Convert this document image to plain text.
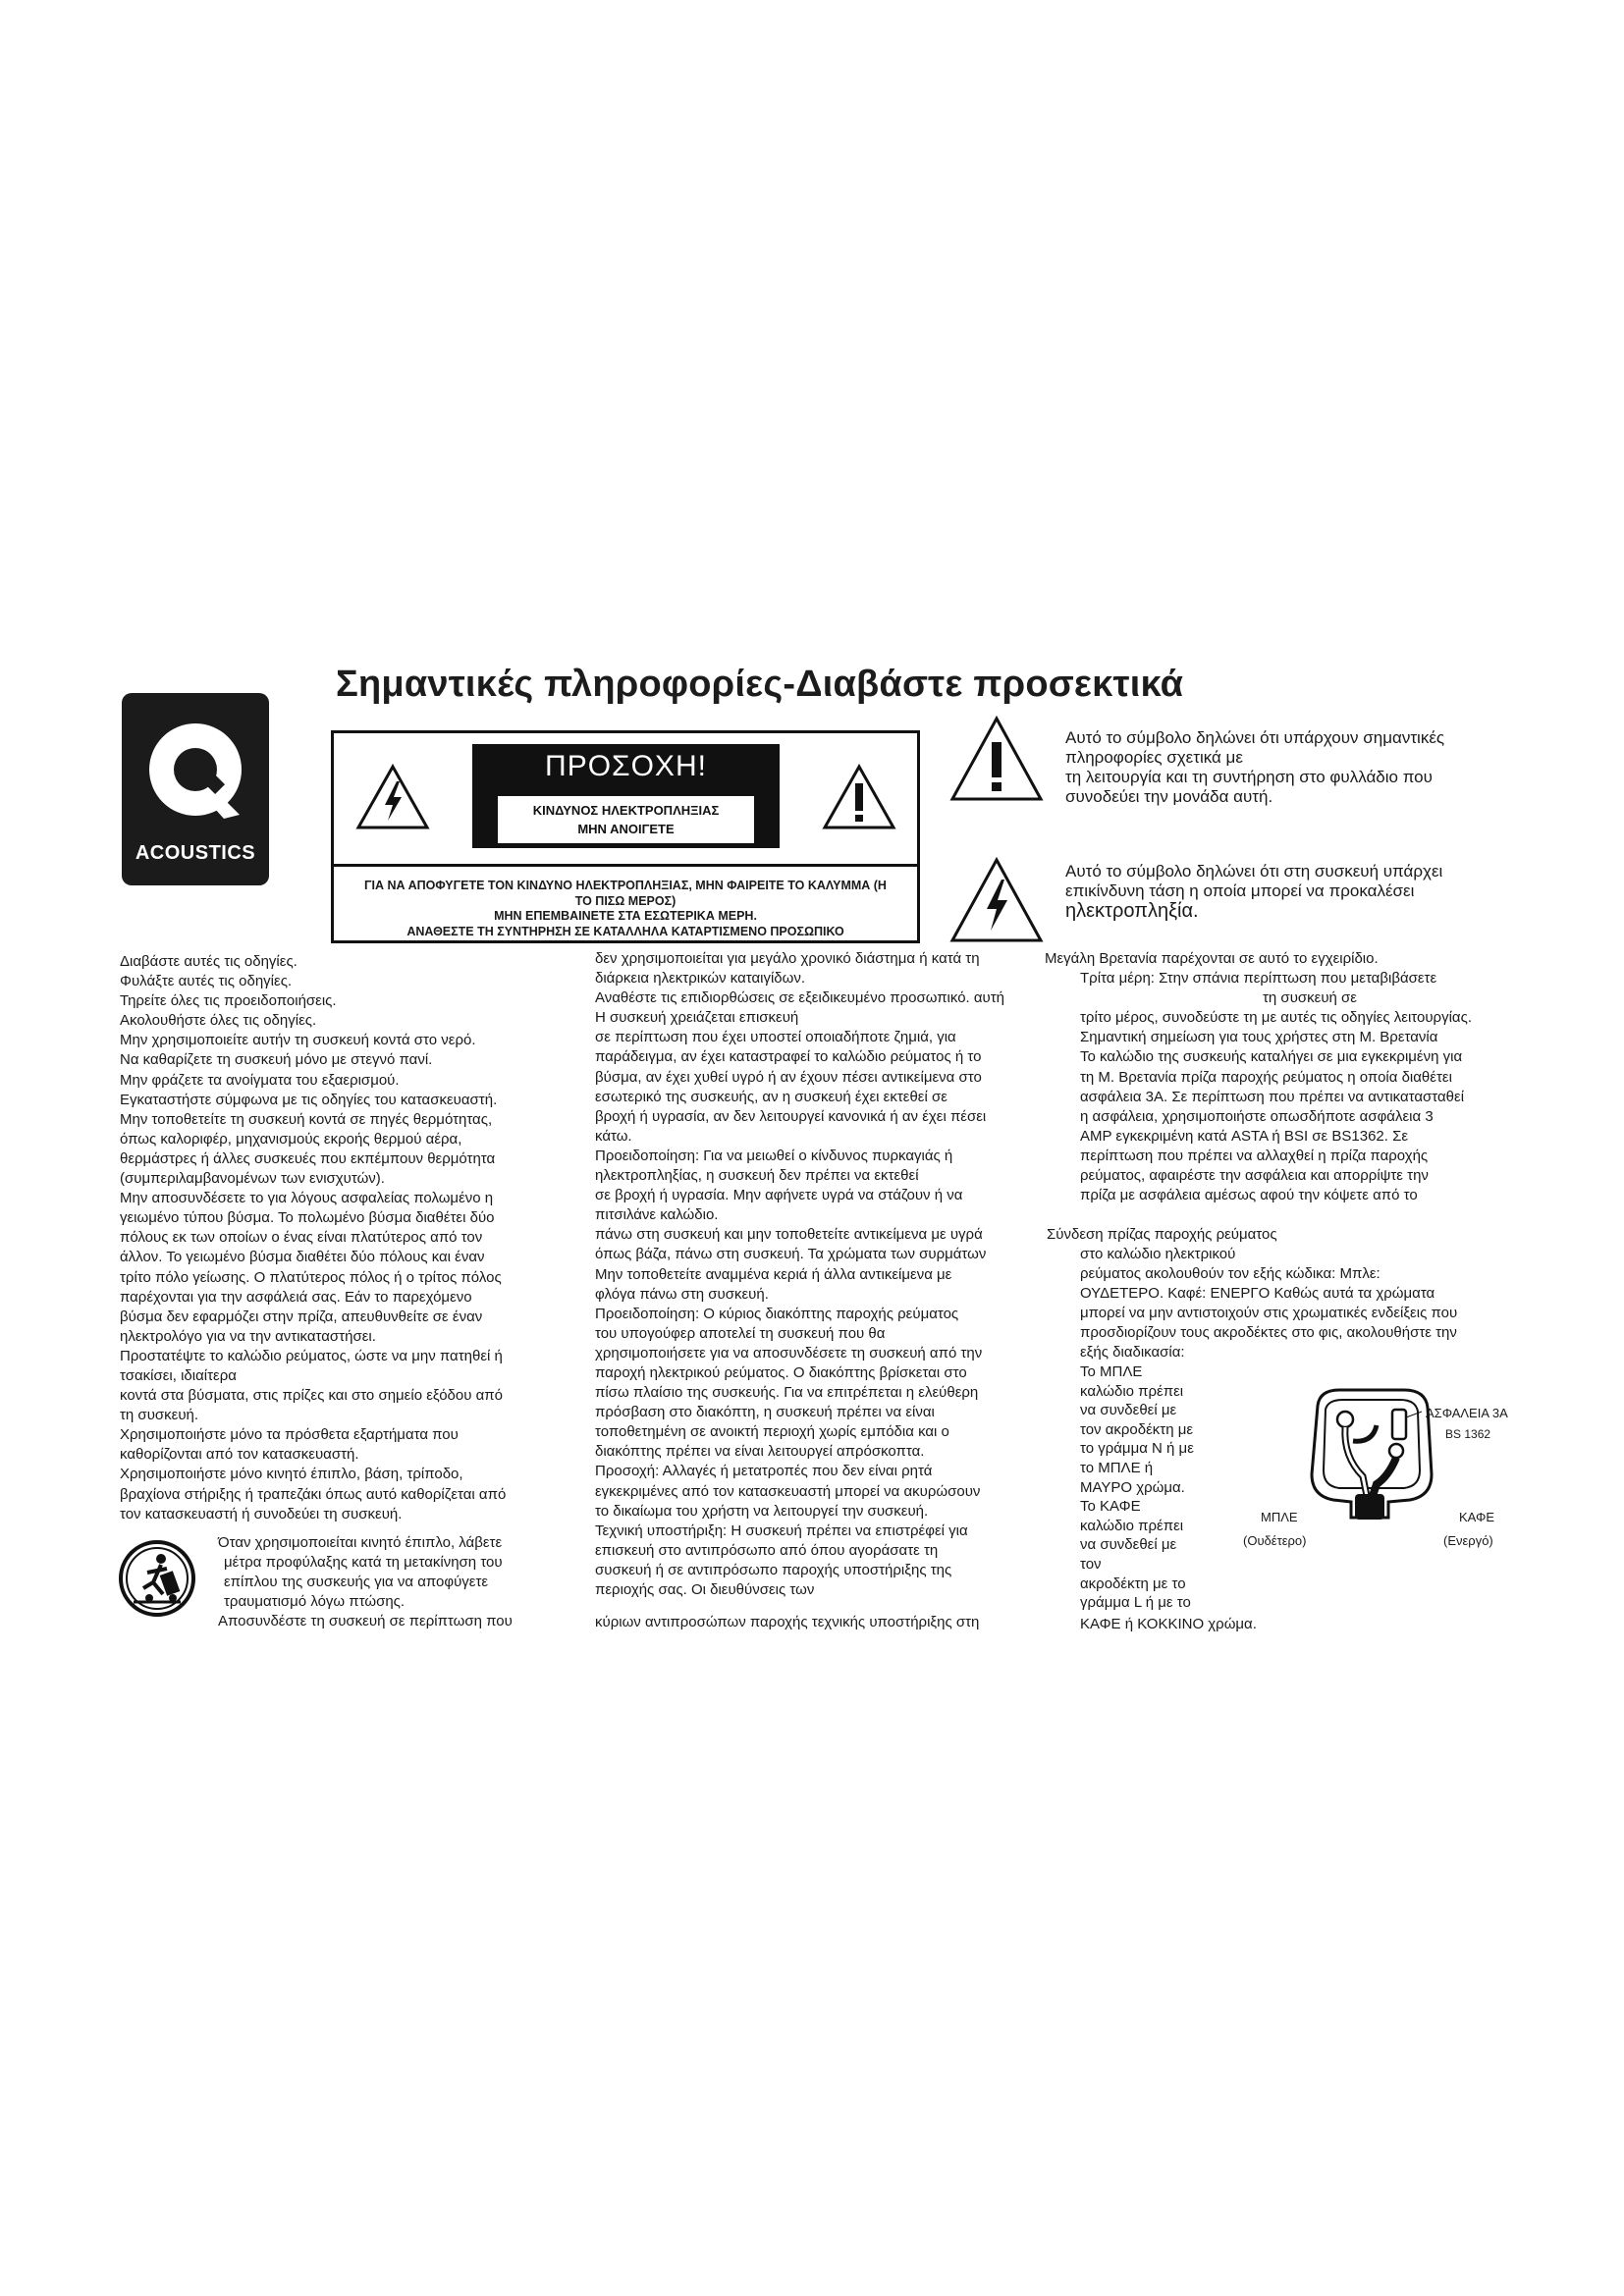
Σημαντικές πληροφορίες-Διαβάστε προσεκτικά
ACOUSTICS
ΠΡΟΣΟΧΗ!
ΚΙΝΔΥΝΟΣ ΗΛΕΚΤΡΟΠΛΗΞΙΑΣ
ΜΗΝ ΑΝΟΙΓΕΤΕ
ΓΙΑ ΝΑ ΑΠΟΦΥΓΕΤΕ ΤΟΝ ΚΙΝΔΥΝΟ ΗΛΕΚΤΡΟΠΛΗΞΙΑΣ, ΜΗΝ ΦΑΙΡΕΙΤΕ ΤΟ ΚΑΛΥΜΜΑ (Η
ΤΟ ΠΙΣΩ ΜΕΡΟΣ)
ΜΗΝ ΕΠΕΜΒΑΙΝΕΤΕ ΣΤΑ ΕΣΩΤΕΡΙΚΑ ΜΕΡΗ.
ΑΝΑΘΕΣΤΕ ΤΗ ΣΥΝΤΗΡΗΣΗ ΣΕ ΚΑΤΑΛΛΗΛΑ ΚΑΤΑΡΤΙΣΜΕΝΟ ΠΡΟΣΩΠΙΚΟ
Αυτό το σύμβολο δηλώνει ότι υπάρχουν σημαντικές
πληροφορίες σχετικά με
τη λειτουργία και τη συντήρηση στο φυλλάδιο που
συνοδεύει την μονάδα αυτή.
Αυτό το σύμβολο δηλώνει ότι στη συσκευή υπάρχει
επικίνδυνη τάση η οποία μπορεί να προκαλέσει
ηλεκτροπληξία.
Διαβάστε αυτές τις οδηγίες.
Φυλάξτε αυτές τις οδηγίες.
Τηρείτε όλες τις προειδοποιήσεις.
Ακολουθήστε όλες τις οδηγίες.
Μην χρησιμοποιείτε αυτήν τη συσκευή κοντά στο νερό.
Να καθαρίζετε τη συσκευή μόνο με στεγνό πανί.
Μην φράζετε τα ανοίγματα του εξαερισμού.
Εγκαταστήστε σύμφωνα με τις οδηγίες του κατασκευαστή.
Μην τοποθετείτε τη συσκευή κοντά σε πηγές θερμότητας,
όπως καλοριφέρ, μηχανισμούς εκροής θερμού αέρα,
θερμάστρες ή άλλες συσκευές που εκπέμπουν θερμότητα
(συμπεριλαμβανομένων των ενισχυτών).
Μην αποσυνδέσετε το για λόγους ασφαλείας πολωμένο η
γειωμένο τύπου βύσμα. Το πολωμένο βύσμα διαθέτει δύο
πόλους εκ των οποίων ο ένας είναι πλατύτερος από τον
άλλον. Το γειωμένο βύσμα διαθέτει δύο πόλους και έναν
τρίτο πόλο γείωσης. Ο πλατύτερος πόλος ή ο τρίτος πόλος
παρέχονται για την ασφάλειά σας. Εάν το παρεχόμενο
βύσμα δεν εφαρμόζει στην πρίζα, απευθυνθείτε σε έναν
ηλεκτρολόγο για να την αντικαταστήσει.
Προστατέψτε το καλώδιο ρεύματος, ώστε να μην πατηθεί ή
τσακίσει, ιδιαίτερα
κοντά στα βύσματα, στις πρίζες και στο σημείο εξόδου από
τη συσκευή.
Χρησιμοποιήστε μόνο τα πρόσθετα εξαρτήματα που
καθορίζονται από τον κατασκευαστή.
Χρησιμοποιήστε μόνο κινητό έπιπλο, βάση, τρίποδο,
βραχίονα στήριξης ή τραπεζάκι όπως αυτό καθορίζεται από
τον κατασκευαστή ή συνοδεύει τη συσκευή.
Όταν χρησιμοποιείται κινητό έπιπλο, λάβετε
μέτρα προφύλαξης κατά τη μετακίνηση του
επίπλου της συσκευής για να αποφύγετε
τραυματισμό λόγω πτώσης.
Αποσυνδέστε τη συσκευή σε περίπτωση που
δεν χρησιμοποιείται για μεγάλο χρονικό διάστημα ή κατά τη
διάρκεια ηλεκτρικών καταιγίδων.
Αναθέστε τις επιδιορθώσεις σε εξειδικευμένο προσωπικό. αυτή
Η συσκευή χρειάζεται επισκευή
σε περίπτωση που έχει υποστεί οποιαδήποτε ζημιά, για
παράδειγμα, αν έχει καταστραφεί το καλώδιο ρεύματος ή το
βύσμα, αν έχει χυθεί υγρό ή αν έχουν πέσει αντικείμενα στο
εσωτερικό της συσκευής, αν η συσκευή έχει εκτεθεί σε
βροχή ή υγρασία, αν δεν λειτουργεί κανονικά ή αν έχει πέσει
κάτω.
Προειδοποίηση: Για να μειωθεί ο κίνδυνος πυρκαγιάς ή
ηλεκτροπληξίας, η συσκευή δεν πρέπει να εκτεθεί
σε βροχή ή υγρασία. Μην αφήνετε υγρά να στάζουν ή να
πιτσιλάνε καλώδιο.
πάνω στη συσκευή και μην τοποθετείτε αντικείμενα με υγρά
όπως βάζα, πάνω στη συσκευή. Τα χρώματα των συρμάτων
Μην τοποθετείτε αναμμένα κεριά ή άλλα αντικείμενα με
φλόγα πάνω στη συσκευή.
Προειδοποίηση: Ο κύριος διακόπτης παροχής ρεύματος
του υπογούφερ αποτελεί τη συσκευή που θα
χρησιμοποιήσετε για να αποσυνδέσετε τη συσκευή από την
παροχή ηλεκτρικού ρεύματος. Ο διακόπτης βρίσκεται στο
πίσω πλαίσιο της συσκευής. Για να επιτρέπεται η ελεύθερη
πρόσβαση στο διακόπτη, η συσκευή πρέπει να είναι
τοποθετημένη σε ανοικτή περιοχή χωρίς εμπόδια και ο
διακόπτης πρέπει να είναι λειτουργεί απρόσκοπτα.
Προσοχή: Αλλαγές ή μετατροπές που δεν είναι ρητά
εγκεκριμένες από τον κατασκευαστή μπορεί να ακυρώσουν
το δικαίωμα του χρήστη να λειτουργεί την συσκευή.
Τεχνική υποστήριξη: Η συσκευή πρέπει να επιστρέφεί για
επισκευή στο αντιπρόσωπο από όπου αγοράσατε τη
συσκευή ή σε αντιπρόσωπο παροχής υποστήριξης της
περιοχής σας. Οι διευθύνσεις των
κύριων αντιπροσώπων παροχής τεχνικής υποστήριξης στη
Μεγάλη Βρετανία παρέχονται σε αυτό το εγχειρίδιο.
Τρίτα μέρη: Στην σπάνια περίπτωση που μεταβιβάσετε
τη συσκευή σε
τρίτο μέρος, συνοδεύστε τη με αυτές τις οδηγίες λειτουργίας.
Σημαντική σημείωση για τους χρήστες στη Μ. Βρετανία
Το καλώδιο της συσκευής καταλήγει σε μια εγκεκριμένη για
τη Μ. Βρετανία πρίζα παροχής ρεύματος η οποία διαθέτει
ασφάλεια 3Α. Σε περίπτωση που πρέπει να αντικατασταθεί
η ασφάλεια, χρησιμοποιήστε οπωσδήποτε ασφάλεια 3
AMP εγκεκριμένη κατά ASTA ή BSI σε BS1362. Σε
περίπτωση που πρέπει να αλλαχθεί η πρίζα παροχής
ρεύματος, αφαιρέστε την ασφάλεια και απορρίψτε την
πρίζα με ασφάλεια αμέσως αφού την κόψετε από το
Σύνδεση πρίζας παροχής ρεύματος
στο καλώδιο ηλεκτρικού
ρεύματος ακολουθούν τον εξής κώδικα: Μπλε:
ΟΥΔΕΤΕΡΟ. Καφέ: ΕΝΕΡΓΟ Καθώς αυτά τα χρώματα
μπορεί να μην αντιστοιχούν στις χρωματικές ενδείξεις που
προσδιορίζουν τους ακροδέκτες στο φις, ακολουθήστε την
εξής διαδικασία:
Το ΜΠΛΕ
καλώδιο πρέπει
να συνδεθεί με
τον ακροδέκτη με
το γράμμα Ν ή με
το ΜΠΛΕ ή
ΜΑΥΡΟ χρώμα.
Το ΚΑΦΕ
καλώδιο πρέπει
να συνδεθεί με
τον
ακροδέκτη με το
γράμμα L ή με το
ΚΑΦΕ ή ΚΟΚΚΙΝΟ χρώμα.
ΑΣΦΑΛΕΙΑ 3Α
BS 1362
ΜΠΛΕ
(Ουδέτερο)
ΚΑΦΕ
(Ενεργό)
